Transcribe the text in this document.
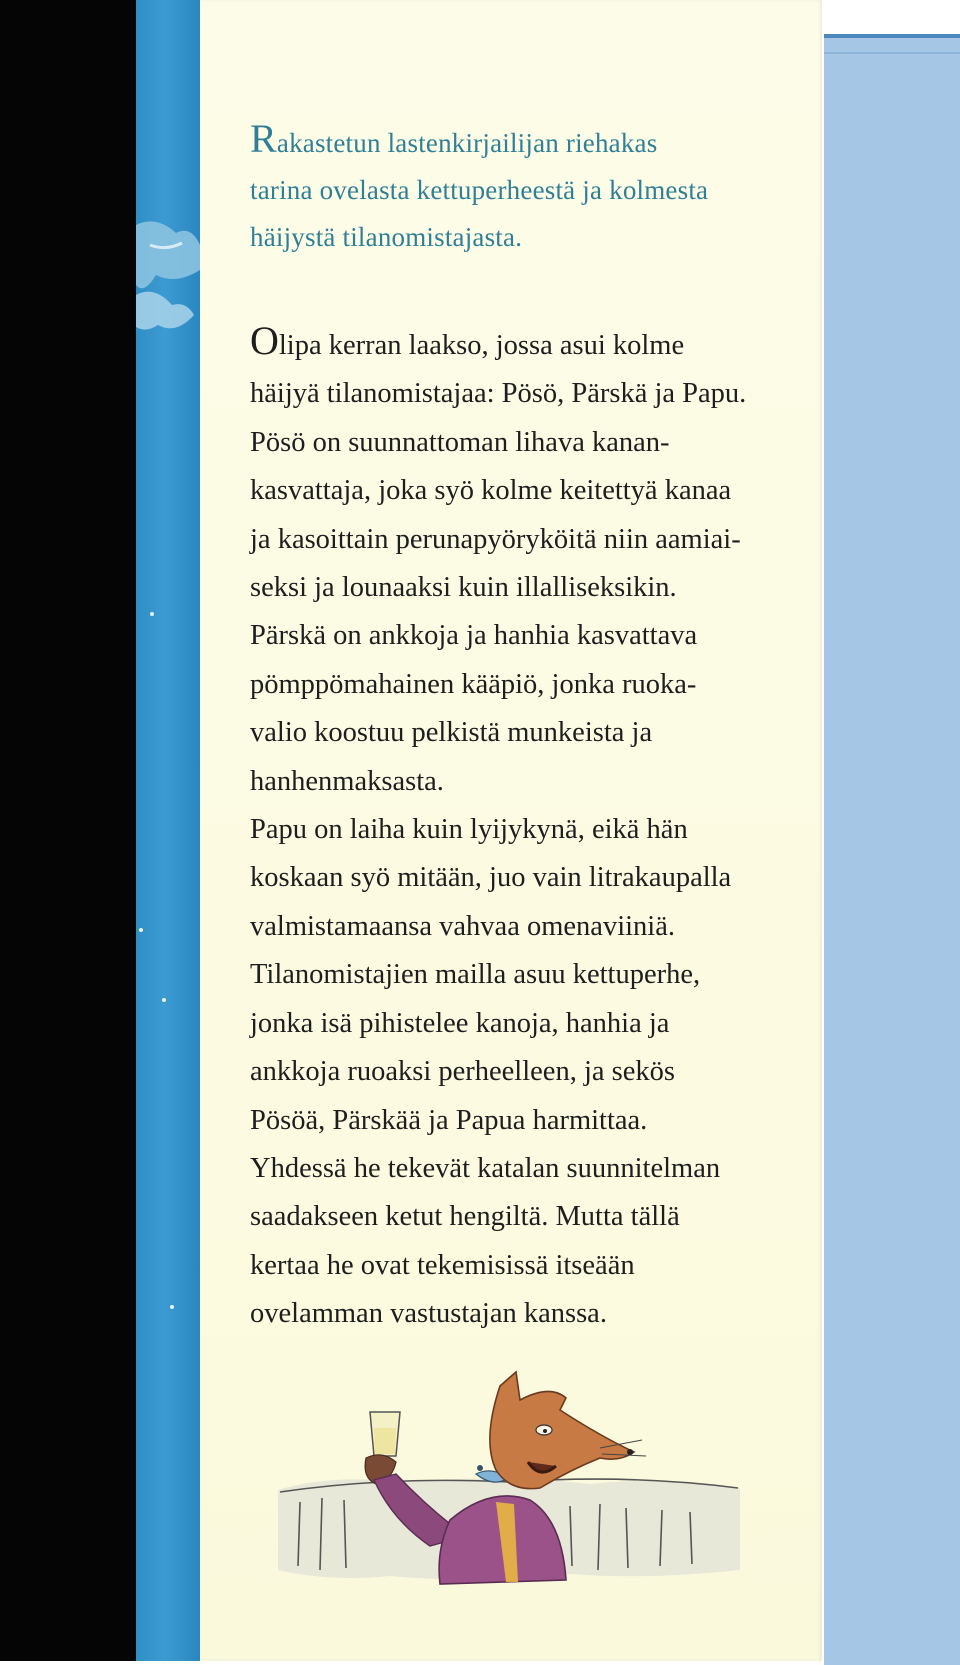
Rakastetun lastenkirjailijan riehakas
tarina ovelasta kettuperheestä ja kolmesta
häijystä tilanomistajasta.
Olipa kerran laakso, jossa asui kolme
häijyä tilanomistajaa: Pösö, Pärskä ja Papu.
Pösö on suunnattoman lihava kanan-
kasvattaja, joka syö kolme keitettyä kanaa
ja kasoittain perunapyöryköitä niin aamiai-
seksi ja lounaaksi kuin illalliseksikin.
Pärskä on ankkoja ja hanhia kasvattava
pömppömahainen kääpiö, jonka ruoka-
valio koostuu pelkistä munkeista ja
hanhenmaksasta.
Papu on laiha kuin lyijykynä, eikä hän
koskaan syö mitään, juo vain litrakaupalla
valmistamaansa vahvaa omenaviiniä.
Tilanomistajien mailla asuu kettuperhe,
jonka isä pihistelee kanoja, hanhia ja
ankkoja ruoaksi perheelleen, ja sekös
Pösöä, Pärskää ja Papua harmittaa.
Yhdessä he tekevät katalan suunnitelman
saadakseen ketut hengiltä. Mutta tällä
kertaa he ovat tekemisissä itseään
ovelamman vastustajan kanssa.
